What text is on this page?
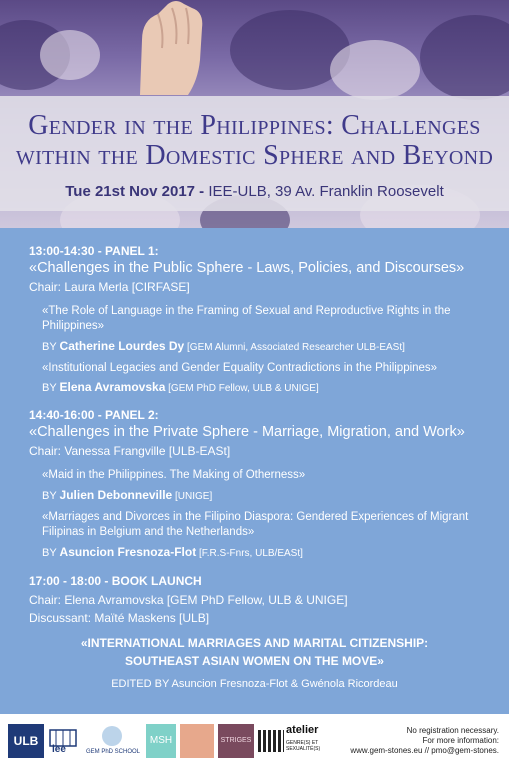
Gender in the Philippines: Challenges
within the Domestic Sphere and Beyond
Tue 21st Nov 2017 - IEE-ULB, 39 Av. Franklin Roosevelt
13:00-14:30 - PANEL 1:
«Challenges in the Public Sphere - Laws, Policies, and Discourses»
Chair: Laura Merla [CIRFASE]
«The Role of Language in the Framing of Sexual and Reproductive Rights in the Philippines»
BY Catherine Lourdes Dy [GEM Alumni, Associated Researcher ULB-EASt]
«Institutional Legacies and Gender Equality Contradictions in the Philippines»
BY Elena Avramovska [GEM PhD Fellow, ULB & UNIGE]
14:40-16:00 - PANEL 2:
«Challenges in the Private Sphere - Marriage, Migration, and Work»
Chair: Vanessa Frangville [ULB-EASt]
«Maid in the Philippines. The Making of Otherness»
BY Julien Debonneville [UNIGE]
«Marriages and Divorces in the Filipino Diaspora: Gendered Experiences of Migrant Filipinas in Belgium and the Netherlands»
BY Asuncion Fresnoza-Flot [F.R.S-Fnrs, ULB/EASt]
17:00 - 18:00 - BOOK LAUNCH
Chair: Elena Avramovska [GEM PhD Fellow, ULB & UNIGE]
Discussant: Maïté Maskens [ULB]
«INTERNATIONAL MARRIAGES AND MARITAL CITIZENSHIP:
SOUTHEAST ASIAN WOMEN ON THE MOVE»
EDITED BY Asuncion Fresnoza-Flot & Gwénola Ricordeau
ULB
iee	GEM PhD SCHOOL
MSH	STRIGES
atelier
GENRE(S) ET SEXUALITÉ(S)
No registration necessary.
For more information:
www.gem-stones.eu // pmo@gem-stones.
